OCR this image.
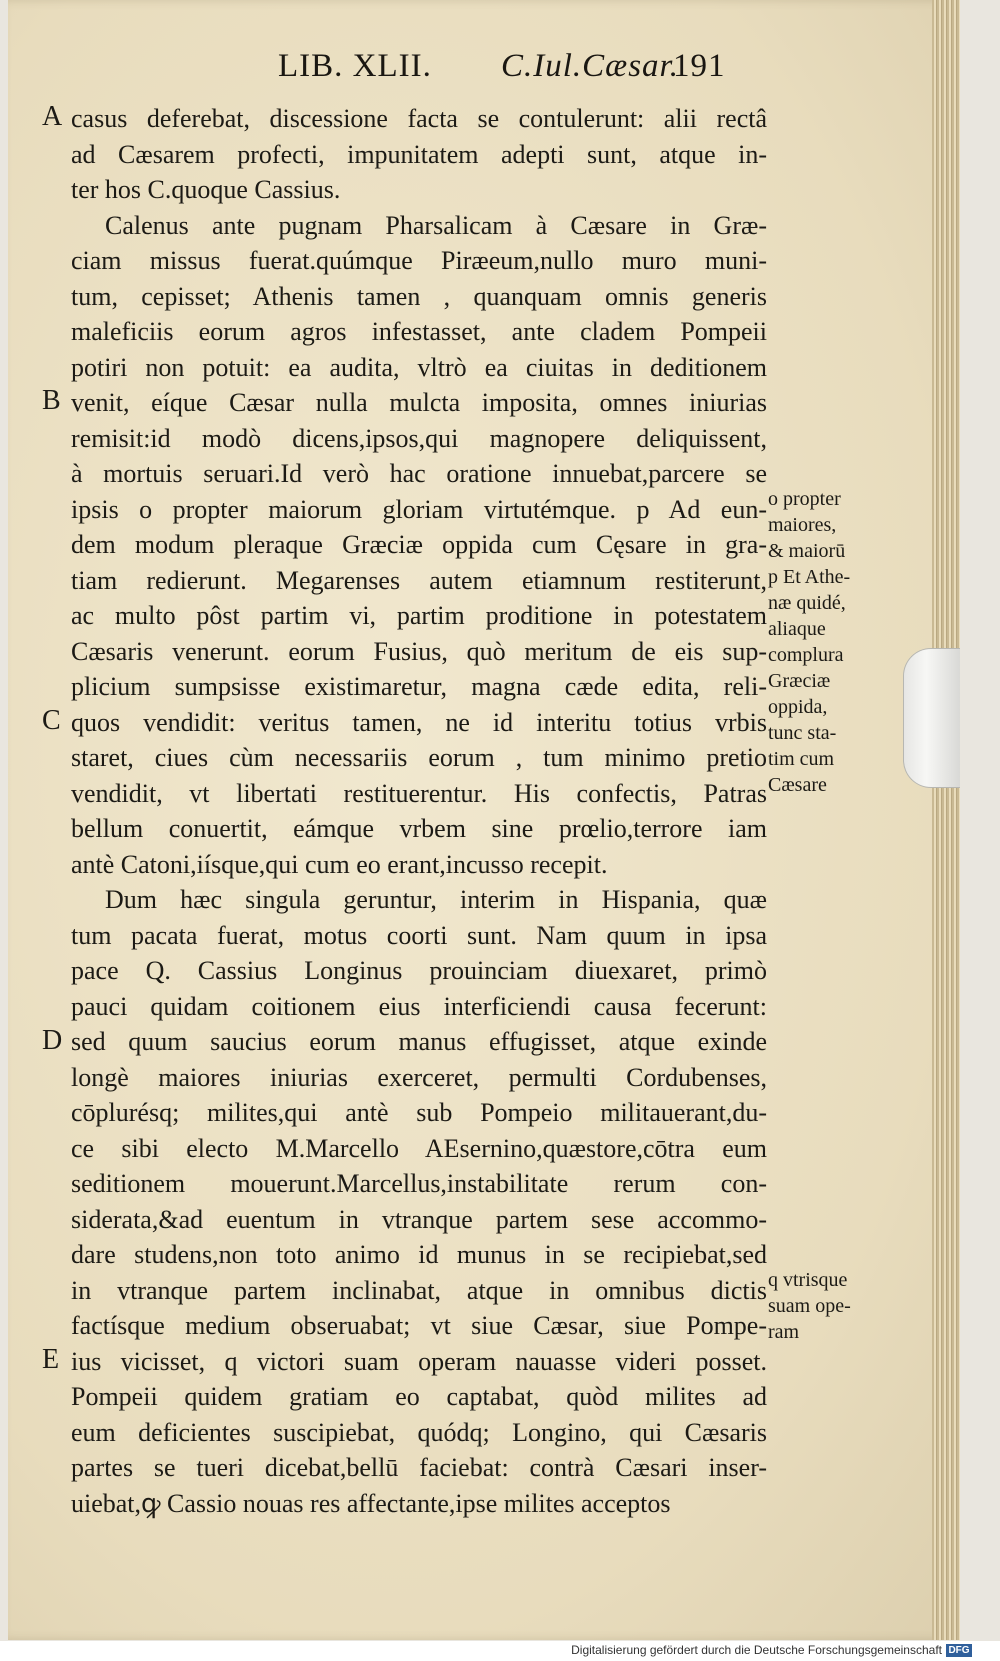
LIB. XLII. C.Iul.Cæsar.
191
A
B
C
D
E
casus deferebat, discessione facta se contulerunt: alii rectâ
ad Cæsarem profecti, impunitatem adepti sunt, atque in-
ter hos C.quoque Cassius.
Calenus ante pugnam Pharsalicam à Cæsare in Græ-
ciam missus fuerat.quúmque Piræeum,nullo muro muni-
tum, cepisset; Athenis tamen , quanquam omnis generis
maleficiis eorum agros infestasset, ante cladem Pompeii
potiri non potuit: ea audita, vltrò ea ciuitas in deditionem
venit, eíque Cæsar nulla mulcta imposita, omnes iniurias
remisit:id modò dicens,ipsos,qui magnopere deliquissent,
à mortuis seruari.Id verò hac oratione innuebat,parcere se
ipsis o propter maiorum gloriam virtutémque. p Ad eun-
dem modum pleraque Græciæ oppida cum Cęsare in gra-
tiam redierunt. Megarenses autem etiamnum restiterunt,
ac multo pôst partim vi, partim proditione in potestatem
Cæsaris venerunt. eorum Fusius, quò meritum de eis sup-
plicium sumpsisse existimaretur, magna cæde edita, reli-
quos vendidit: veritus tamen, ne id interitu totius vrbis
staret, ciues cùm necessariis eorum , tum minimo pretio
vendidit, vt libertati restituerentur. His confectis, Patras
bellum conuertit, eámque vrbem sine prœlio,terrore iam
antè Catoni,iísque,qui cum eo erant,incusso recepit.
Dum hæc singula geruntur, interim in Hispania, quæ
tum pacata fuerat, motus coorti sunt. Nam quum in ipsa
pace Q. Cassius Longinus prouinciam diuexaret, primò
pauci quidam coitionem eius interficiendi causa fecerunt:
sed quum saucius eorum manus effugisset, atque exinde
longè maiores iniurias exerceret, permulti Cordubenses,
cōplurésq; milites,qui antè sub Pompeio militauerant,du-
ce sibi electo M.Marcello AEsernino,quæstore,cōtra eum
seditionem mouerunt.Marcellus,instabilitate rerum con-
siderata,&ad euentum in vtranque partem sese accommo-
dare studens,non toto animo id munus in se recipiebat,sed
in vtranque partem inclinabat, atque in omnibus dictis
factísque medium obseruabat; vt siue Cæsar, siue Pompe-
ius vicisset, q victori suam operam nauasse videri posset.
Pompeii quidem gratiam eo captabat, quòd milites ad
eum deficientes suscipiebat, quódq; Longino, qui Cæsaris
partes se tueri dicebat,bellū faciebat: contrà Cæsari inser-
uiebat,ꝙ Cassio nouas res affectante,ipse milites acceptos
o propter
maiores,
& maiorū
p Et Athe-
næ quidé,
aliaque
complura
Græciæ
oppida,
tunc sta-
tim cum
Cæsare
q vtrisque
suam ope-
ram
Digitalisierung gefördert durch die Deutsche Forschungsgemeinschaft DFG
